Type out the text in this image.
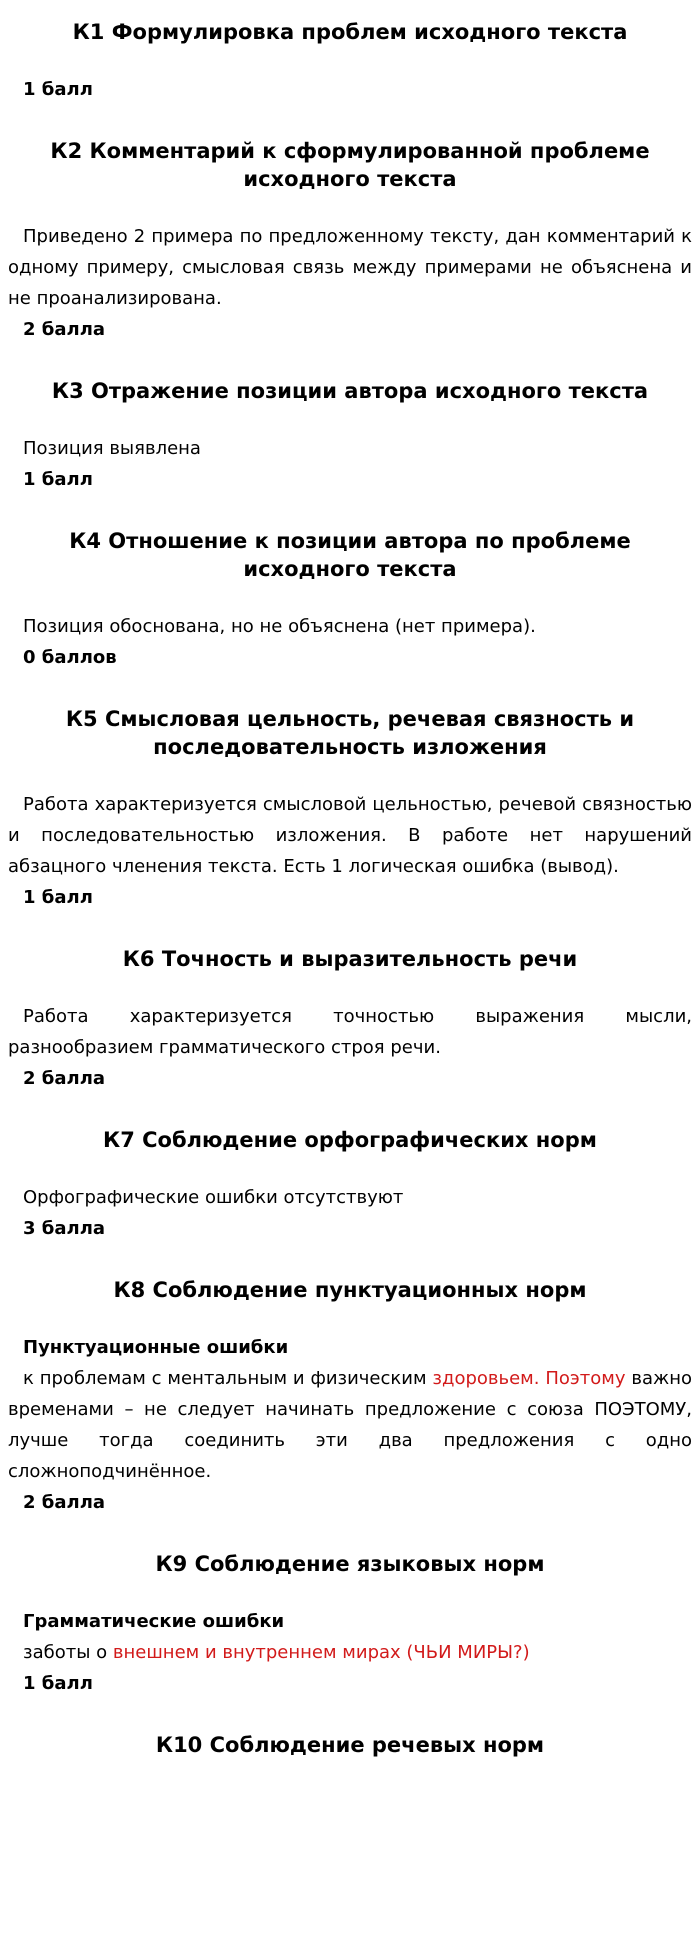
К1 Формулировка проблем исходного текста

1 балл

К2 Комментарий к сформулированной проблеме исходного текста

Приведено 2 примера по предложенному тексту, дан комментарий к одному примеру, смысловая связь между примерами не объяснена и не проанализирована.

2 балла

К3 Отражение позиции автора исходного текста

Позиция выявлена

1 балл

К4 Отношение к позиции автора по проблеме исходного текста

Позиция обоснована, но не объяснена (нет примера).

0 баллов

К5 Смысловая цельность, речевая связность и последовательность изложения

Работа характеризуется смысловой цельностью, речевой связностью и последовательностью изложения. В работе нет нарушений абзацного членения текста. Есть 1 логическая ошибка (вывод).

1 балл

К6 Точность и выразительность речи

Работа характеризуется точностью выражения мысли, разнообразием грамматического строя речи.

2 балла

К7 Соблюдение орфографических норм

Орфографические ошибки отсутствуют

3 балла

К8 Соблюдение пунктуационных норм

Пунктуационные ошибки

к проблемам с ментальным и физическим здоровьем. Поэтому важно временами – не следует начинать предложение с союза ПОЭТОМУ, лучше тогда соединить эти два предложения с одно сложноподчинённое.

2 балла

К9 Соблюдение языковых норм

Грамматические ошибки

заботы о внешнем и внутреннем мирах (ЧЬИ МИРЫ?)

1 балл

К10 Соблюдение речевых норм
